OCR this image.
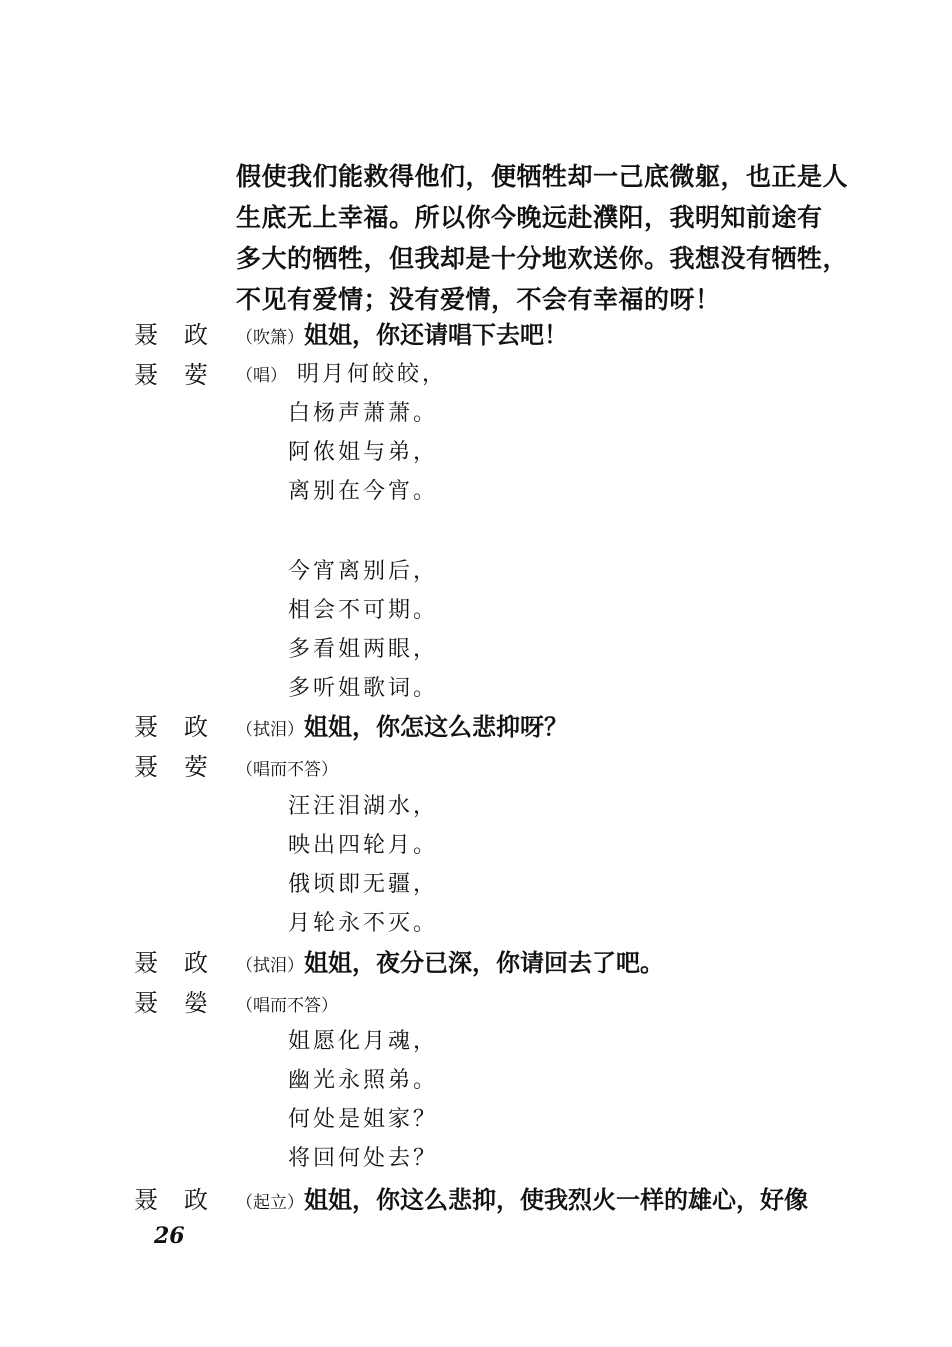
假使我们能救得他们，便牺牲却一己底微躯，也正是人
生底无上幸福。所以你今晚远赴濮阳，我明知前途有
多大的牺牲，但我却是十分地欢送你。我想没有牺牲，
不见有爱情；没有爱情，不会有幸福的呀！
聂 政 （吹箫）姐姐，你还请唱下去吧！
聂 荌 （唱） 明月何皎皎，
白杨声萧萧。
阿侬姐与弟，
离别在今宵。
今宵离别后，
相会不可期。
多看姐两眼，
多听姐歌词。
聂 政 （拭泪）姐姐，你怎这么悲抑呀？
聂 荌 （唱而不答）
汪汪泪湖水，
映出四轮月。
俄顷即无疆，
月轮永不灭。
聂 政 （拭泪）姐姐，夜分已深，你请回去了吧。
聂 嫈 （唱而不答）
姐愿化月魂，
幽光永照弟。
何处是姐家？
将回何处去？
聂 政 （起立）姐姐，你这么悲抑，使我烈火一样的雄心，好像
26
